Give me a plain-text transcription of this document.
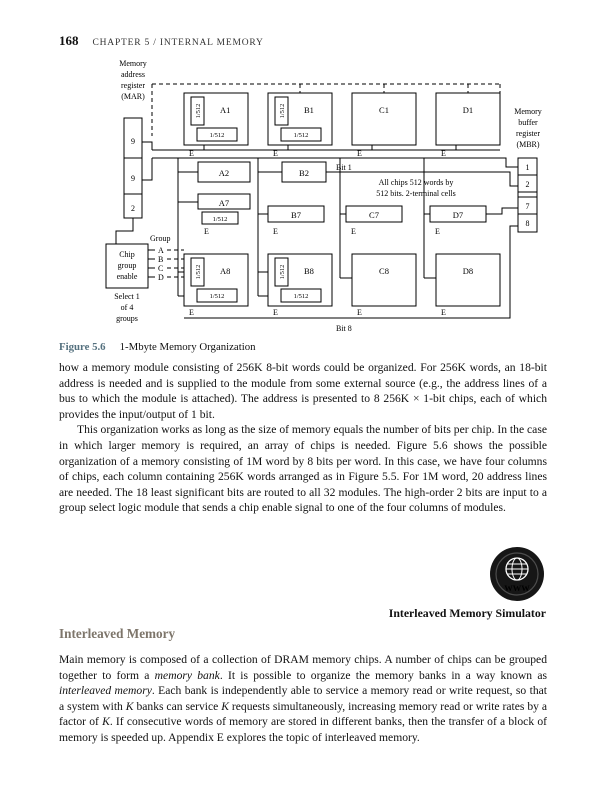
168 CHAPTER 5 / INTERNAL MEMORY
Memory
address
register
(MAR)
9
9
2
1/512 A1
1/512
E
1/512 B1
1/512
E
C1
E
D1
E
A2	B2
Bit 1
All chips 512 words by
512 bits. 2-terminal cells
A7
1/512
E
B7
E
C7
E
D7
E
1/512 A8
1/512
E
1/512 B8
1/512
E
C8
E
D8
E
Bit 8
Memory
buffer
register
(MBR)
1
2
7
8
Group
Chip
group
enable
A
B
C
D
Select 1
of 4
groups
Figure 5.6 1-Mbyte Memory Organization

how a memory module consisting of 256K 8-bit words could be organized. For 256K words, an 18-bit address is needed and is supplied to the module from some external source (e.g., the address lines of a bus to which the module is attached). The address is presented to 8 256K × 1-bit chips, each of which provides the input/output of 1 bit.

This organization works as long as the size of memory equals the number of bits per chip. In the case in which larger memory is required, an array of chips is needed. Figure 5.6 shows the possible organization of a memory consisting of 1M word by 8 bits per word. In this case, we have four columns of chips, each column containing 256K words arranged as in Figure 5.5. For 1M word, 20 address lines are needed. The 18 least significant bits are routed to all 32 modules. The high-order 2 bits are input to a group select logic module that sends a chip enable signal to one of the four columns of modules.

WWW
Interleaved Memory Simulator
Interleaved Memory

Main memory is composed of a collection of DRAM memory chips. A number of chips can be grouped together to form a memory bank. It is possible to organize the memory banks in a way known as interleaved memory. Each bank is independently able to service a memory read or write request, so that a system with K banks can service K requests simultaneously, increasing memory read or write rates by a factor of K. If consecutive words of memory are stored in different banks, then the transfer of a block of memory is speeded up. Appendix E explores the topic of interleaved memory.
